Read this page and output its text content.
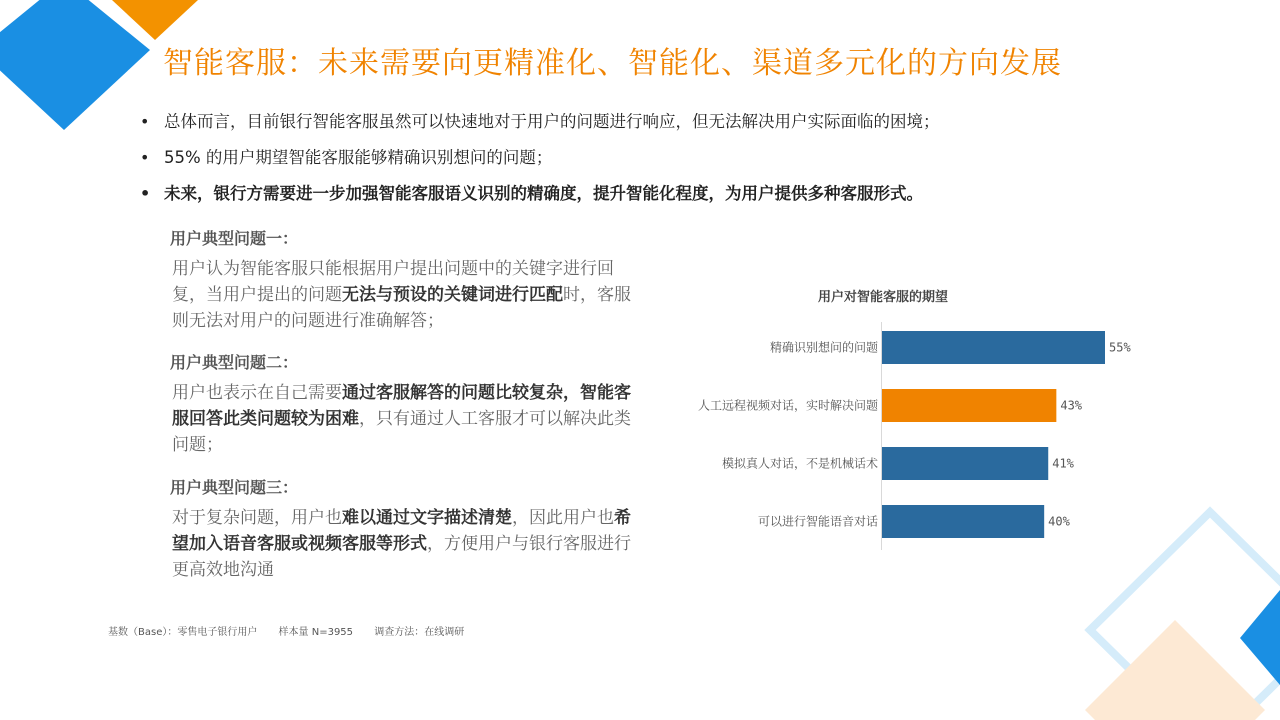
智能客服：未来需要向更精准化、智能化、渠道多元化的方向发展
• 总体而言，目前银行智能客服虽然可以快速地对于用户的问题进行响应，但无法解决用户实际面临的困境；
• 55% 的用户期望智能客服能够精确识别想问的问题；
• 未来，银行方需要进一步加强智能客服语义识别的精确度，提升智能化程度，为用户提供多种客服形式。
用户典型问题一：
用户认为智能客服只能根据用户提出问题中的关键字进行回复，当用户提出的问题无法与预设的关键词进行匹配时，客服则无法对用户的问题进行准确解答；
用户典型问题二：
用户也表示在自己需要通过客服解答的问题比较复杂，智能客服回答此类问题较为困难，只有通过人工客服才可以解决此类问题；
用户典型问题三：
对于复杂问题，用户也难以通过文字描述清楚，因此用户也希望加入语音客服或视频客服等形式，方便用户与银行客服进行更高效地沟通
用户对智能客服的期望
精确识别想问的问题	55%
人工远程视频对话，实时解决问题	43%
模拟真人对话，不是机械话术	41%
可以进行智能语音对话	40%
基数（Base）：零售电子银行用户 样本量 N=3955 调查方法：在线调研
